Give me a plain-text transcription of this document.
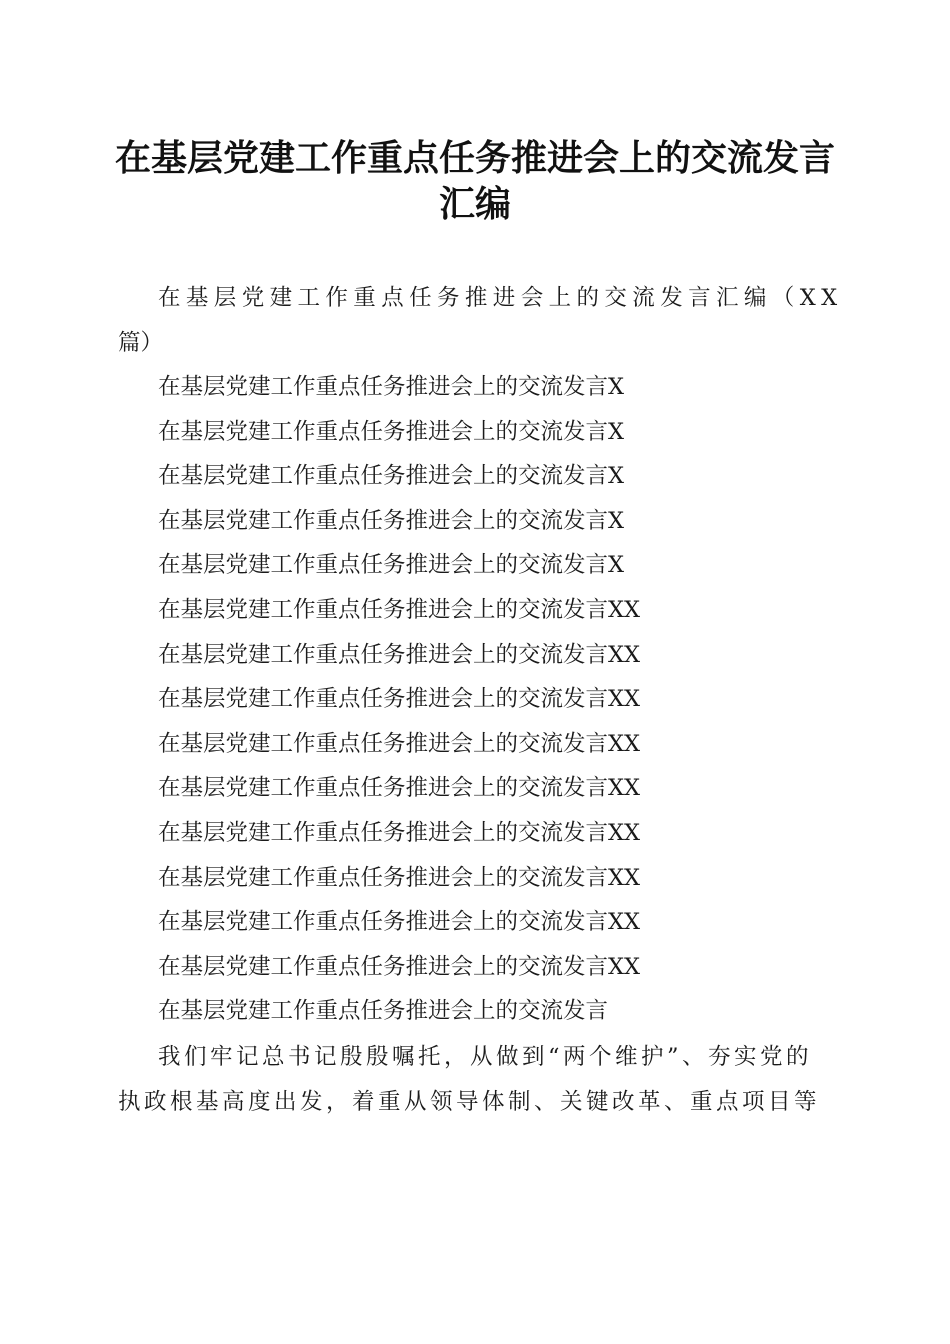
在基层党建工作重点任务推进会上的交流发言
汇编
在基层党建工作重点任务推进会上的交流发言汇编（XX
篇）
在基层党建工作重点任务推进会上的交流发言X
在基层党建工作重点任务推进会上的交流发言X
在基层党建工作重点任务推进会上的交流发言X
在基层党建工作重点任务推进会上的交流发言X
在基层党建工作重点任务推进会上的交流发言X
在基层党建工作重点任务推进会上的交流发言XX
在基层党建工作重点任务推进会上的交流发言XX
在基层党建工作重点任务推进会上的交流发言XX
在基层党建工作重点任务推进会上的交流发言XX
在基层党建工作重点任务推进会上的交流发言XX
在基层党建工作重点任务推进会上的交流发言XX
在基层党建工作重点任务推进会上的交流发言XX
在基层党建工作重点任务推进会上的交流发言XX
在基层党建工作重点任务推进会上的交流发言XX
在基层党建工作重点任务推进会上的交流发言
我们牢记总书记殷殷嘱托，从做到“两个维护”、夯实党的
执政根基高度出发，着重从领导体制、关键改革、重点项目等
